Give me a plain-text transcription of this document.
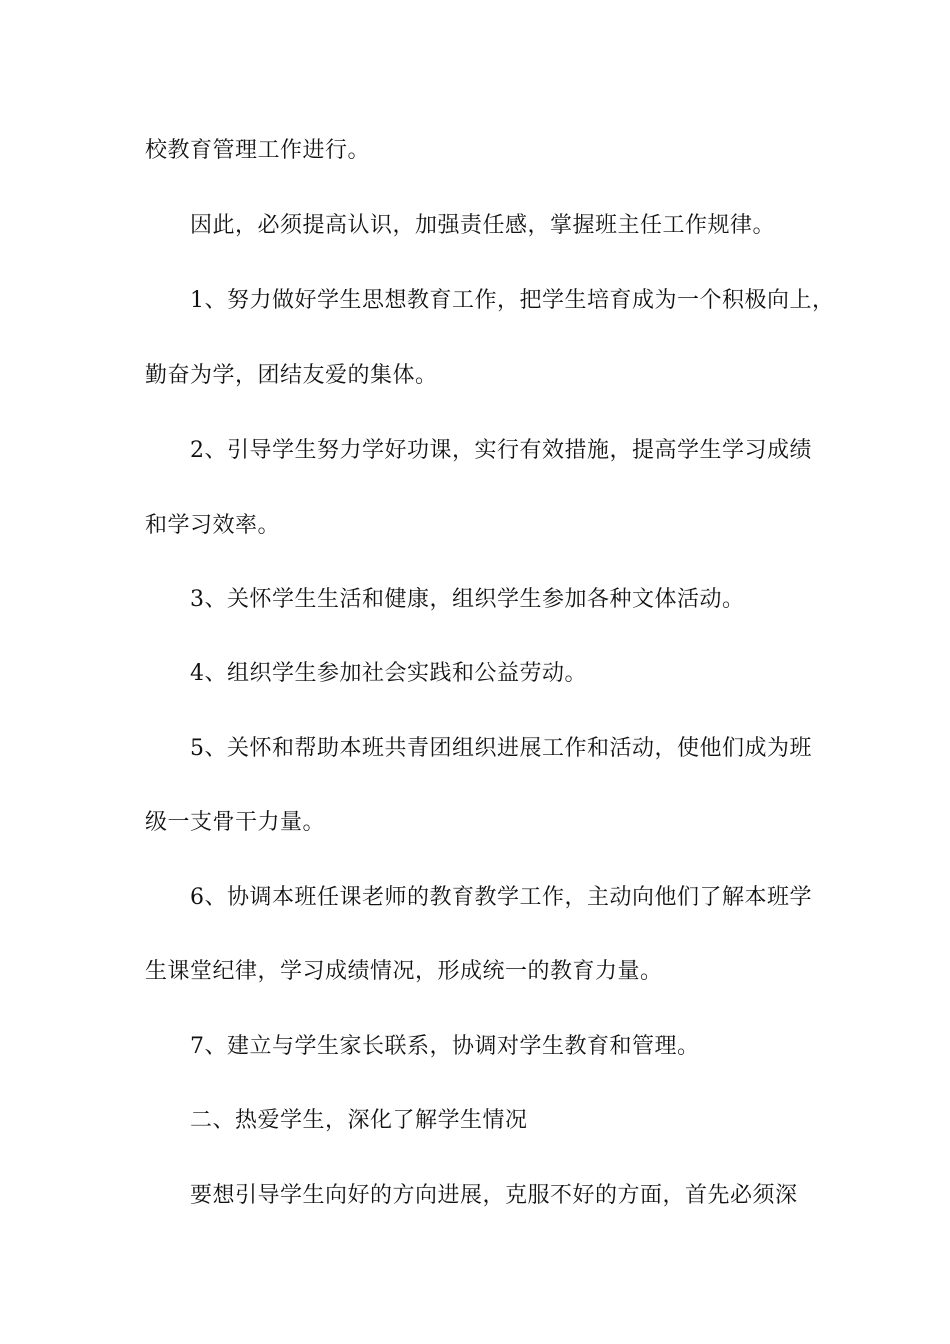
校教育管理工作进行。
因此，必须提高认识，加强责任感，掌握班主任工作规律。
1、努力做好学生思想教育工作，把学生培育成为一个积极向上，
勤奋为学，团结友爱的集体。
2、引导学生努力学好功课，实行有效措施，提高学生学习成绩
和学习效率。
3、关怀学生生活和健康，组织学生参加各种文体活动。
4、组织学生参加社会实践和公益劳动。
5、关怀和帮助本班共青团组织进展工作和活动，使他们成为班
级一支骨干力量。
6、协调本班任课老师的教育教学工作，主动向他们了解本班学
生课堂纪律，学习成绩情况，形成统一的教育力量。
7、建立与学生家长联系，协调对学生教育和管理。
二、热爱学生，深化了解学生情况
要想引导学生向好的方向进展，克服不好的方面，首先必须深
